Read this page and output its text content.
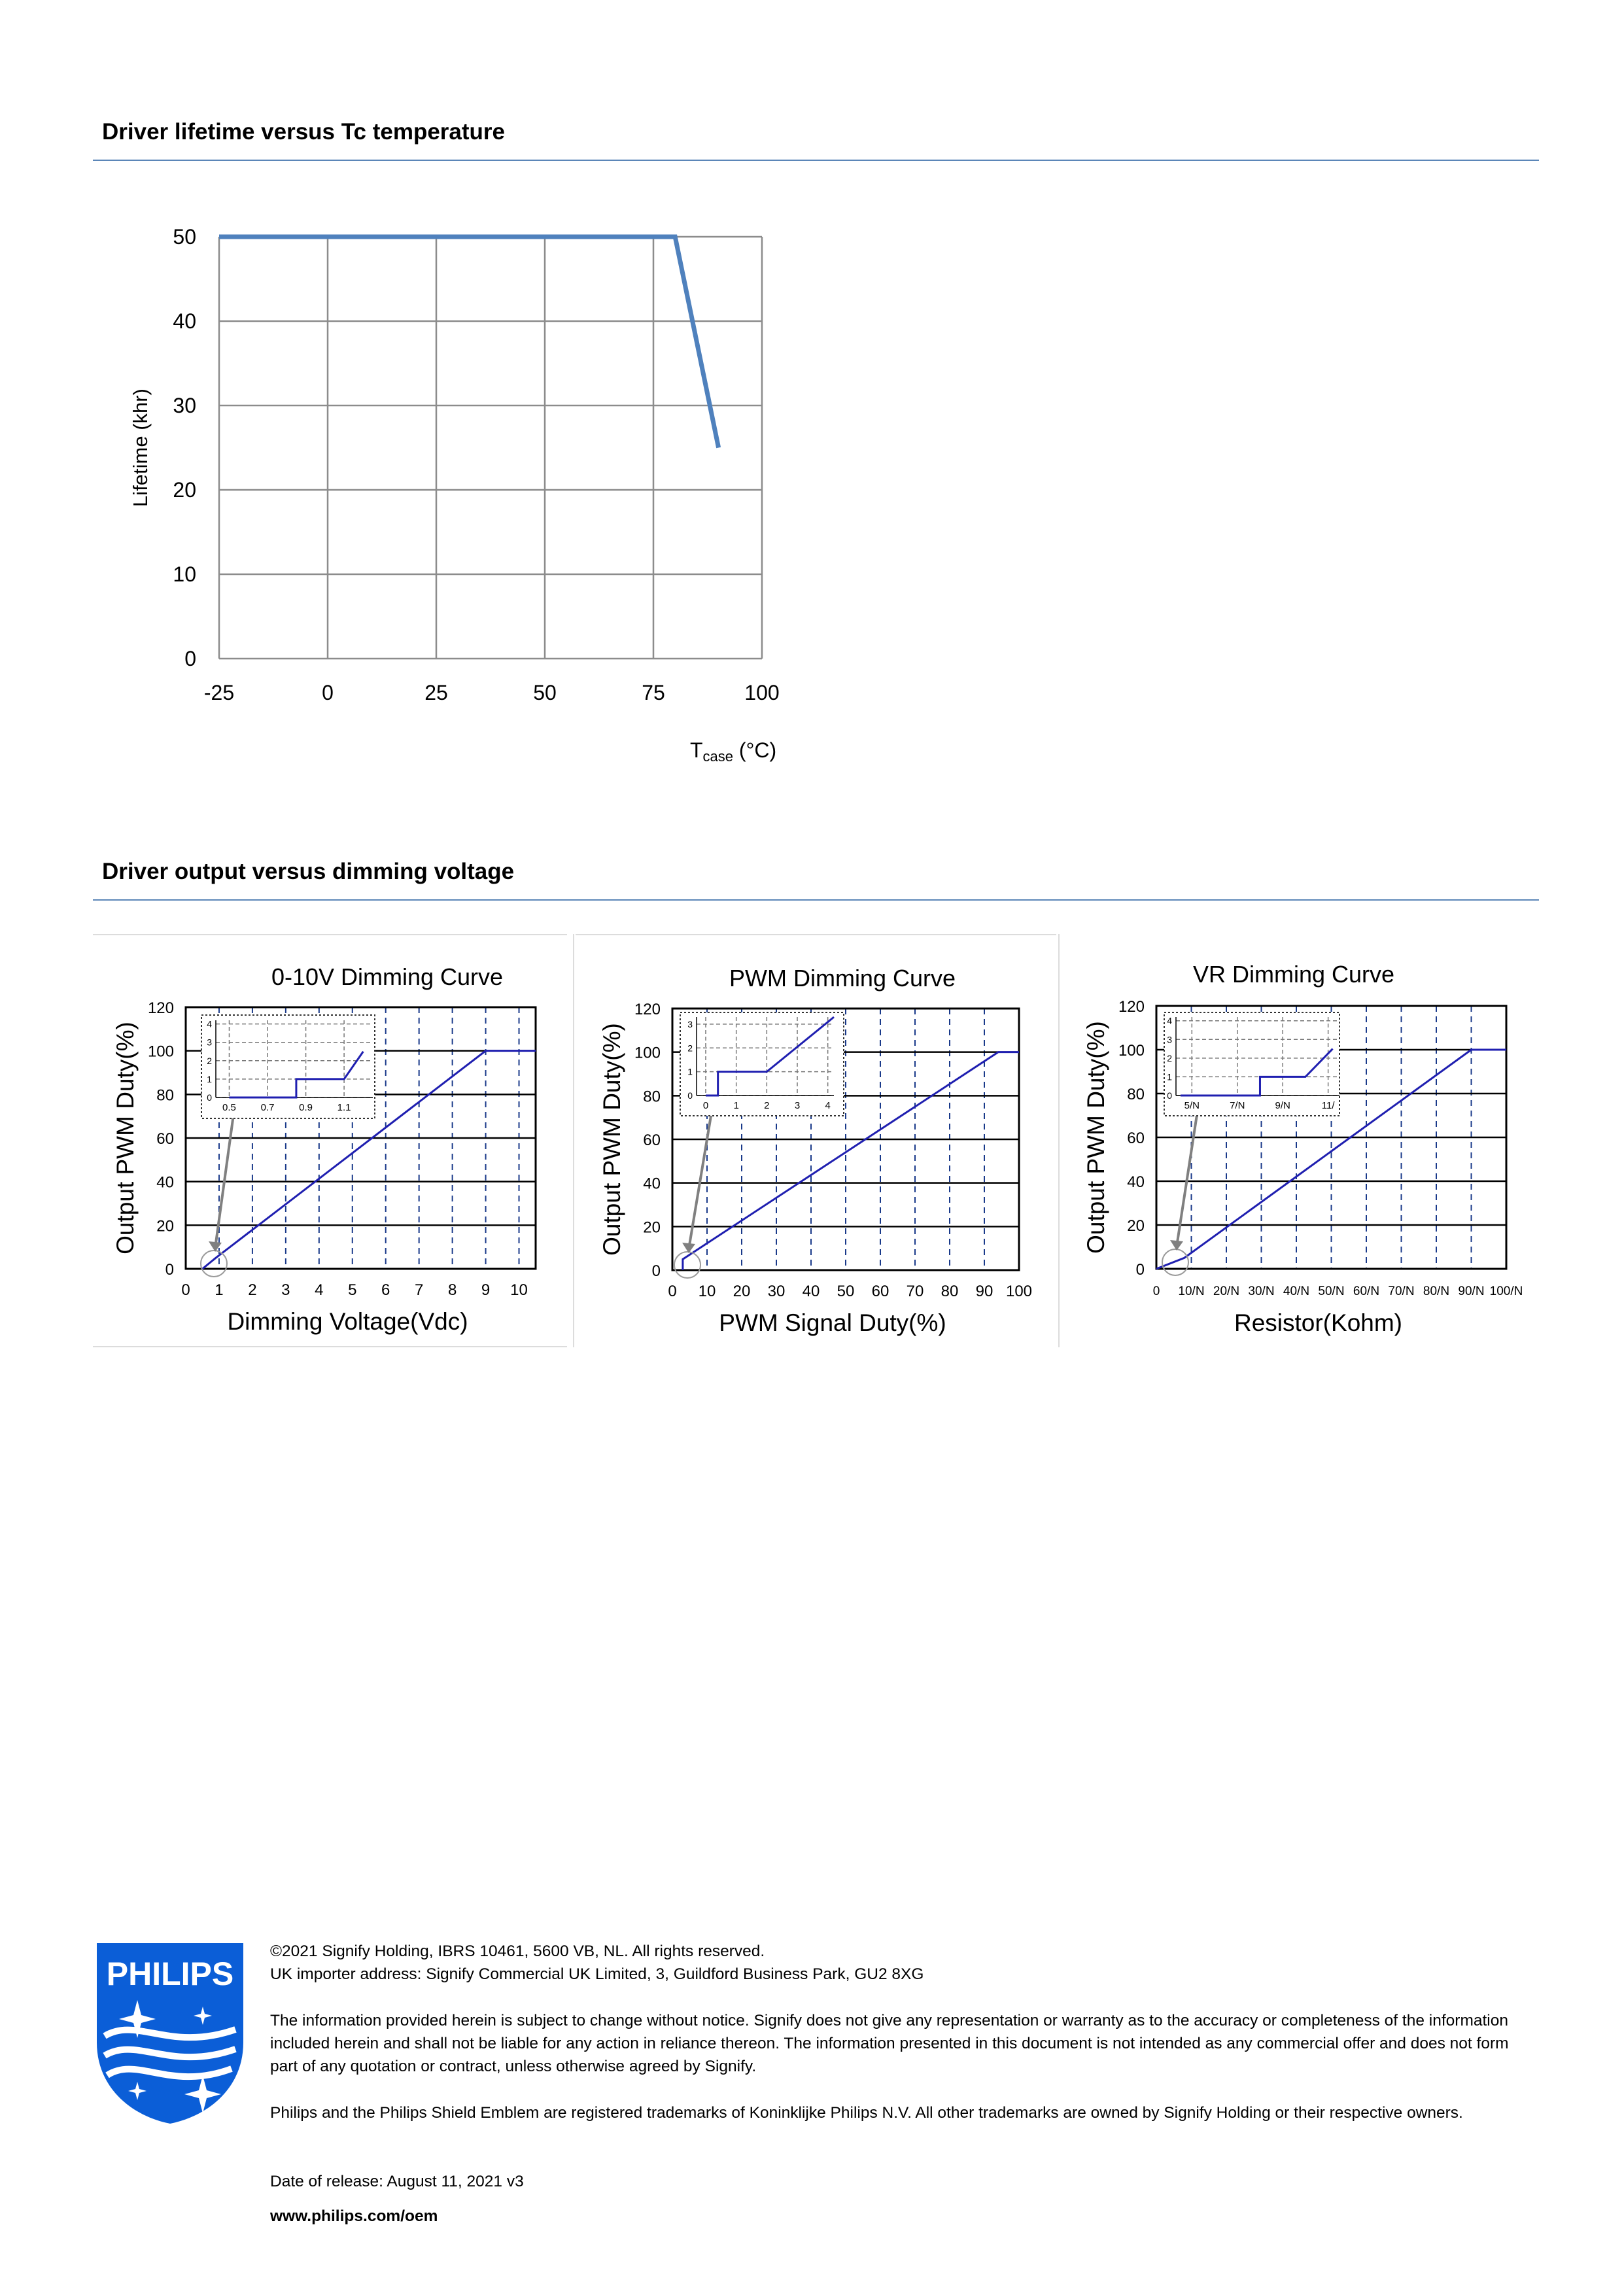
Driver lifetime versus Tc temperature
0
10
20
30
40
50
-25	0	25	50	75	100
Lifetime (khr)
Tcase (°C)
Driver output versus dimming voltage
0-10V Dimming Curve
0 1 2 3 4 5 6 7 8 9 10
0
20
40
60
80
100
120
Output PWM Duty(%)
Dimming Voltage(Vdc)
0
1
2
3
4
0.5	0.7	0.9	1.1
PWM Dimming Curve
0 10 20 30 40 50 60 70 80 90 100
0
20
40
60
80
100
120
Output PWM Duty(%)
PWM Signal Duty(%)
0
1
2
3
0	1	2	3	4
VR Dimming Curve
0 10/N 20/N 30/N 40/N 50/N 60/N 70/N 80/N 90/N 100/N
0
20
40
60
80
100
120
Output PWM Duty(%)
Resistor(Kohm)
0
1
2
3
4
5/N	7/N	9/N	11/
PHILIPS

©2021 Signify Holding, IBRS 10461, 5600 VB, NL. All rights reserved.

UK importer address: Signify Commercial UK Limited, 3, Guildford Business Park, GU2 8XG

The information provided herein is subject to change without notice. Signify does not give any representation or warranty as to the accuracy or completeness of the information included herein and shall not be liable for any action in reliance thereon. The information presented in this document is not intended as any commercial offer and does not form part of any quotation or contract, unless otherwise agreed by Signify.

Philips and the Philips Shield Emblem are registered trademarks of Koninklijke Philips N.V. All other trademarks are owned by Signify Holding or their respective owners.

Date of release: August 11, 2021 v3

www.philips.com/oem
